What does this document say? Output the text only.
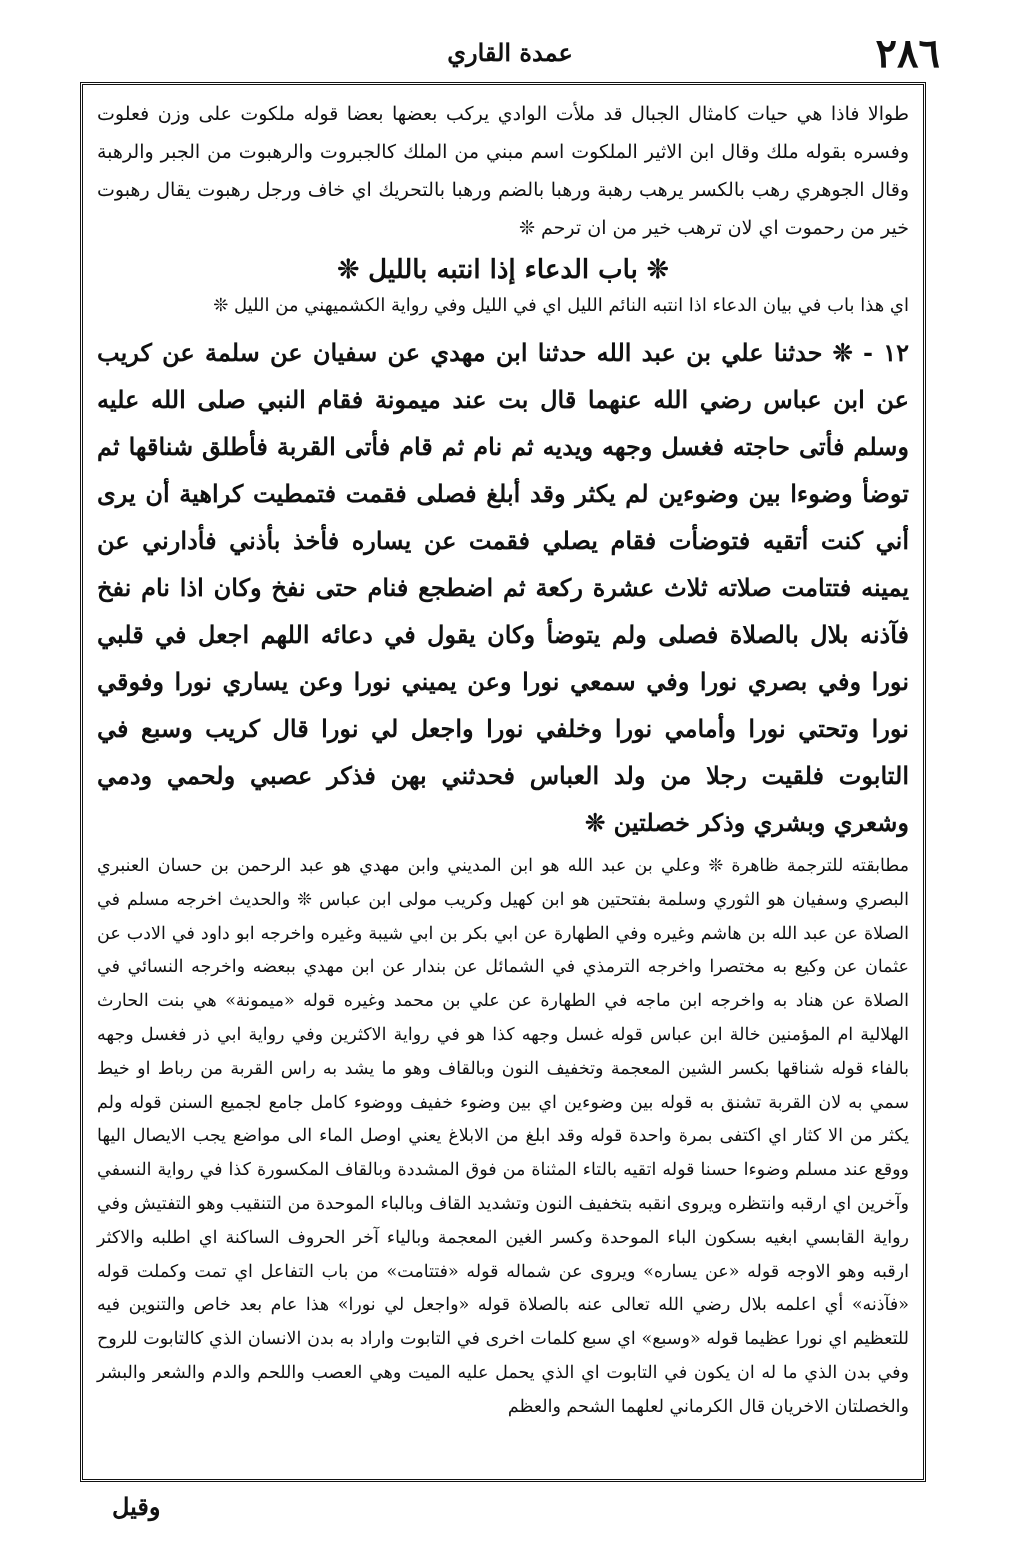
٢٨٦
عمدة القاري

طوالا فاذا هي حيات كامثال الجبال قد ملأت الوادي يركب بعضها بعضا قوله ملكوت على وزن فعلوت وفسره بقوله ملك وقال ابن الاثير الملكوت اسم مبني من الملك كالجبروت والرهبوت من الجبر والرهبة وقال الجوهري رهب بالكسر يرهب رهبة ورهبا بالضم ورهبا بالتحريك اي خاف ورجل رهبوت يقال رهبوت خير من رحموت اي لان ترهب خير من ان ترحم ❊

❊ باب الدعاء إذا انتبه بالليل ❊

اي هذا باب في بيان الدعاء اذا انتبه النائم الليل اي في الليل وفي رواية الكشميهني من الليل ❊

١٢ - ❊ حدثنا علي بن عبد الله حدثنا ابن مهدي عن سفيان عن سلمة عن كريب عن ابن عباس رضي الله عنهما قال بت عند ميمونة فقام النبي صلى الله عليه وسلم فأتى حاجته فغسل وجهه ويديه ثم نام ثم قام فأتى القربة فأطلق شناقها ثم توضأ وضوءا بين وضوءين لم يكثر وقد أبلغ فصلى فقمت فتمطيت كراهية أن يرى أني كنت أتقيه فتوضأت فقام يصلي فقمت عن يساره فأخذ بأذني فأدارني عن يمينه فتتامت صلاته ثلاث عشرة ركعة ثم اضطجع فنام حتى نفخ وكان اذا نام نفخ فآذنه بلال بالصلاة فصلى ولم يتوضأ وكان يقول في دعائه اللهم اجعل في قلبي نورا وفي بصري نورا وفي سمعي نورا وعن يميني نورا وعن يساري نورا وفوقي نورا وتحتي نورا وأمامي نورا وخلفي نورا واجعل لي نورا قال كريب وسبع في التابوت فلقيت رجلا من ولد العباس فحدثني بهن فذكر عصبي ولحمي ودمي وشعري وبشري وذكر خصلتين ❊

مطابقته للترجمة ظاهرة ❊ وعلي بن عبد الله هو ابن المديني وابن مهدي هو عبد الرحمن بن حسان العنبري البصري وسفيان هو الثوري وسلمة بفتحتين هو ابن كهيل وكريب مولى ابن عباس ❊ والحديث اخرجه مسلم في الصلاة عن عبد الله بن هاشم وغيره وفي الطهارة عن ابي بكر بن ابي شيبة وغيره واخرجه ابو داود في الادب عن عثمان عن وكيع به مختصرا واخرجه الترمذي في الشمائل عن بندار عن ابن مهدي ببعضه واخرجه النسائي في الصلاة عن هناد به واخرجه ابن ماجه في الطهارة عن علي بن محمد وغيره قوله «ميمونة» هي بنت الحارث الهلالية ام المؤمنين خالة ابن عباس قوله غسل وجهه كذا هو في رواية الاكثرين وفي رواية ابي ذر فغسل وجهه بالفاء قوله شناقها بكسر الشين المعجمة وتخفيف النون وبالقاف وهو ما يشد به راس القربة من رباط او خيط سمي به لان القربة تشنق به قوله بين وضوءين اي بين وضوء خفيف ووضوء كامل جامع لجميع السنن قوله ولم يكثر من الا كثار اي اكتفى بمرة واحدة قوله وقد ابلغ من الابلاغ يعني اوصل الماء الى مواضع يجب الايصال اليها ووقع عند مسلم وضوءا حسنا قوله اتقيه بالتاء المثناة من فوق المشددة وبالقاف المكسورة كذا في رواية النسفي وآخرين اي ارقبه وانتظره ويروى انقبه بتخفيف النون وتشديد القاف وبالباء الموحدة من التنقيب وهو التفتيش وفي رواية القابسي ابغيه بسكون الباء الموحدة وكسر الغين المعجمة وبالياء آخر الحروف الساكنة اي اطلبه والاكثر ارقبه وهو الاوجه قوله «عن يساره» ويروى عن شماله قوله «فتتامت» من باب التفاعل اي تمت وكملت قوله «فآذنه» أي اعلمه بلال رضي الله تعالى عنه بالصلاة قوله «واجعل لي نورا» هذا عام بعد خاص والتنوين فيه للتعظيم اي نورا عظيما قوله «وسبع» اي سبع كلمات اخرى في التابوت واراد به بدن الانسان الذي كالتابوت للروح وفي بدن الذي ما له ان يكون في التابوت اي الذي يحمل عليه الميت وهي العصب واللحم والدم والشعر والبشر والخصلتان الاخريان قال الكرماني لعلهما الشحم والعظم

وقيل
